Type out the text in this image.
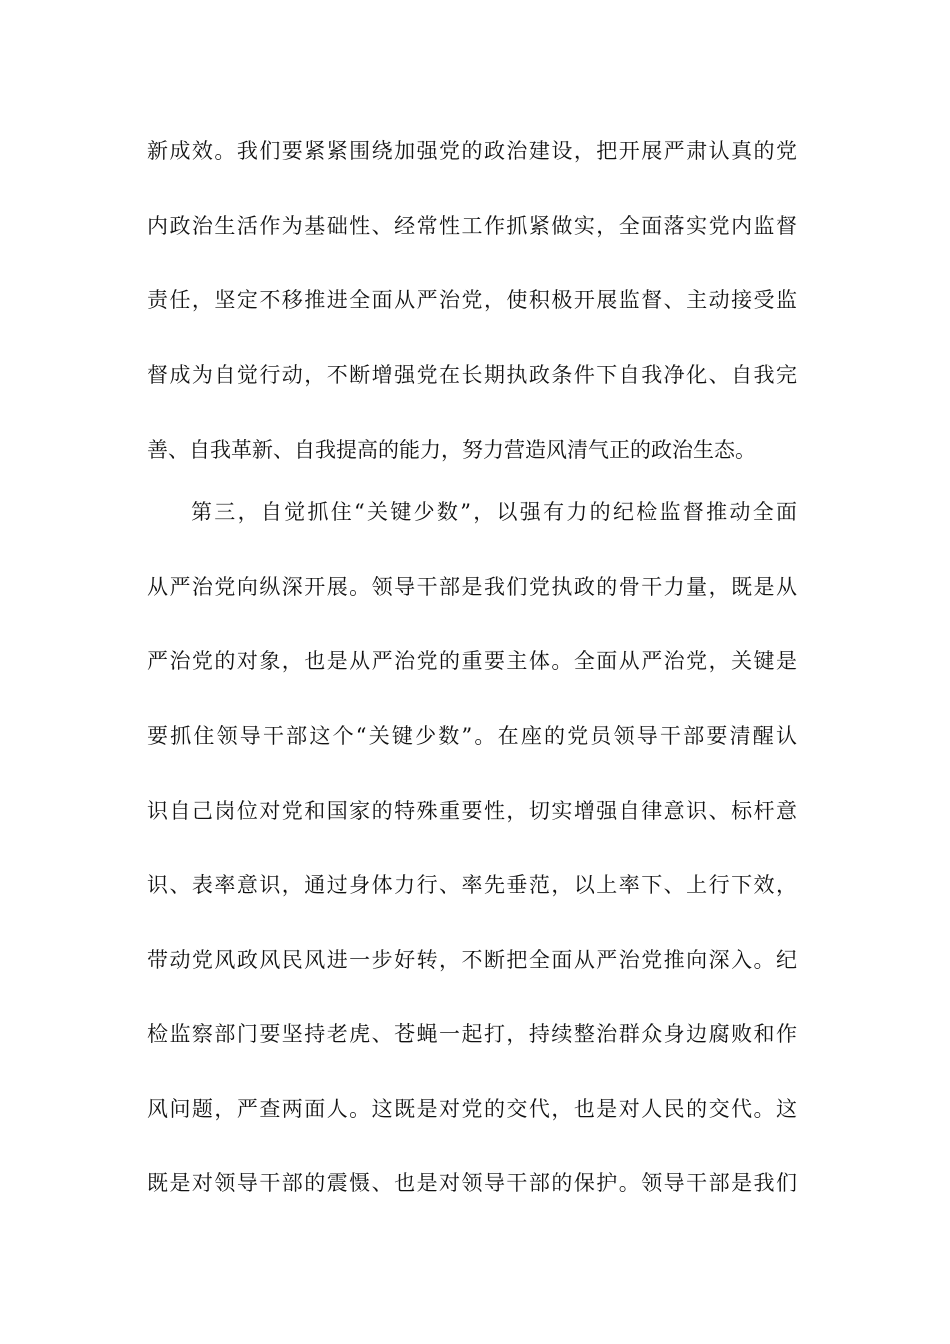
新成效。我们要紧紧围绕加强党的政治建设，把开展严肃认真的党
内政治生活作为基础性、经常性工作抓紧做实，全面落实党内监督
责任，坚定不移推进全面从严治党，使积极开展监督、主动接受监
督成为自觉行动，不断增强党在长期执政条件下自我净化、自我完
善、自我革新、自我提高的能力，努力营造风清气正的政治生态。
第三，自觉抓住“关键少数”，以强有力的纪检监督推动全面
从严治党向纵深开展。领导干部是我们党执政的骨干力量，既是从
严治党的对象，也是从严治党的重要主体。全面从严治党，关键是
要抓住领导干部这个“关键少数”。在座的党员领导干部要清醒认
识自己岗位对党和国家的特殊重要性，切实增强自律意识、标杆意
识、表率意识，通过身体力行、率先垂范，以上率下、上行下效，
带动党风政风民风进一步好转，不断把全面从严治党推向深入。纪
检监察部门要坚持老虎、苍蝇一起打，持续整治群众身边腐败和作
风问题，严查两面人。这既是对党的交代，也是对人民的交代。这
既是对领导干部的震慑、也是对领导干部的保护。领导干部是我们
